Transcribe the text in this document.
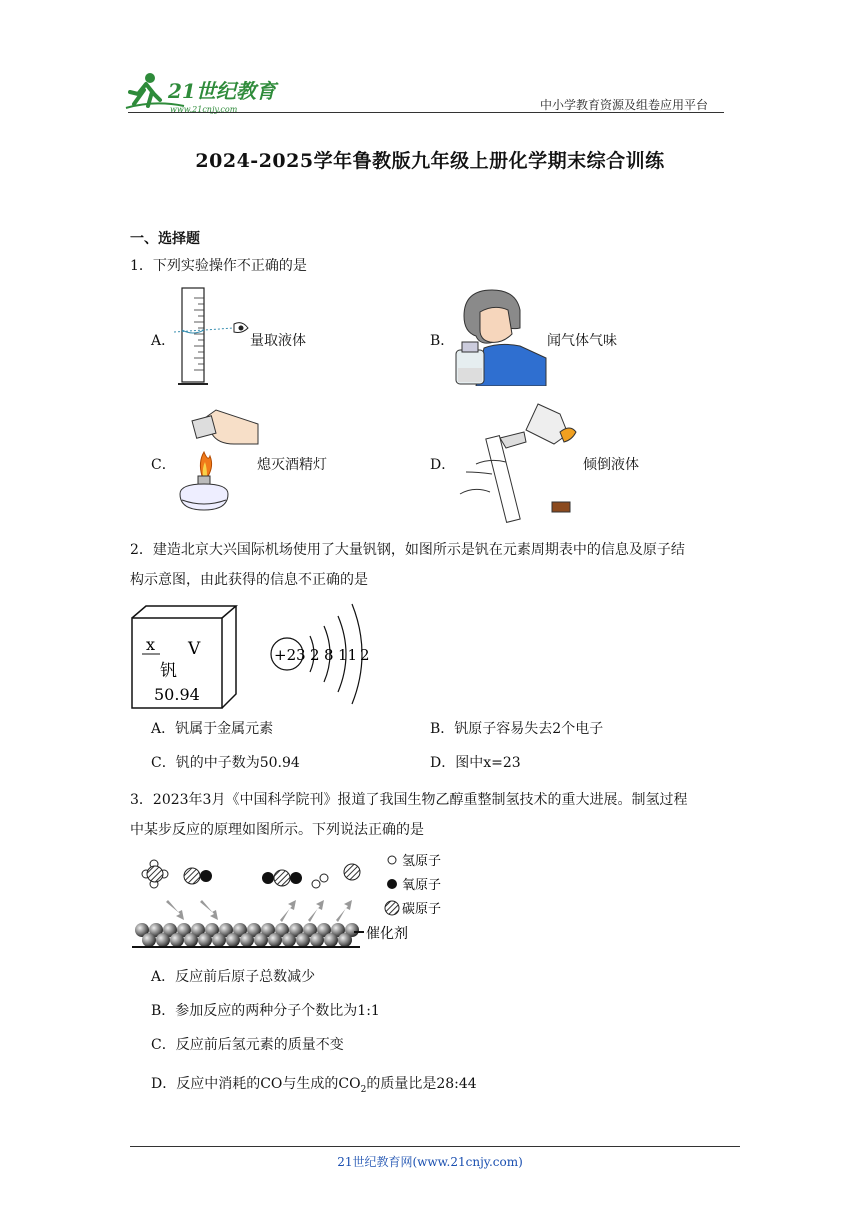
21世纪教育
www.21cnjy.com	中小学教育资源及组卷应用平台
2024-2025学年鲁教版九年级上册化学期末综合训练
一、选择题
1．下列实验操作不正确的是
A．	量取液体	B．	闻气体气味
C．	熄灭酒精灯	D．	倾倒液体
2．建造北京大兴国际机场使用了大量钒钢，如图所示是钒在元素周期表中的信息及原子结
构示意图，由此获得的信息不正确的是
x V
钒
50.94
+23 2 8 11 2
A．钒属于金属元素	B．钒原子容易失去2个电子
C．钒的中子数为50.94	D．图中x=23
3．2023年3月《中国科学院刊》报道了我国生物乙醇重整制氢技术的重大进展。制氢过程
中某步反应的原理如图所示。下列说法正确的是
催化剂
氢原子
氧原子
碳原子
A．反应前后原子总数减少
B．参加反应的两种分子个数比为1:1
C．反应前后氢元素的质量不变
D．反应中消耗的CO与生成的$CO_2$的质量比是28:44
21世纪教育网(www.21cnjy.com)
